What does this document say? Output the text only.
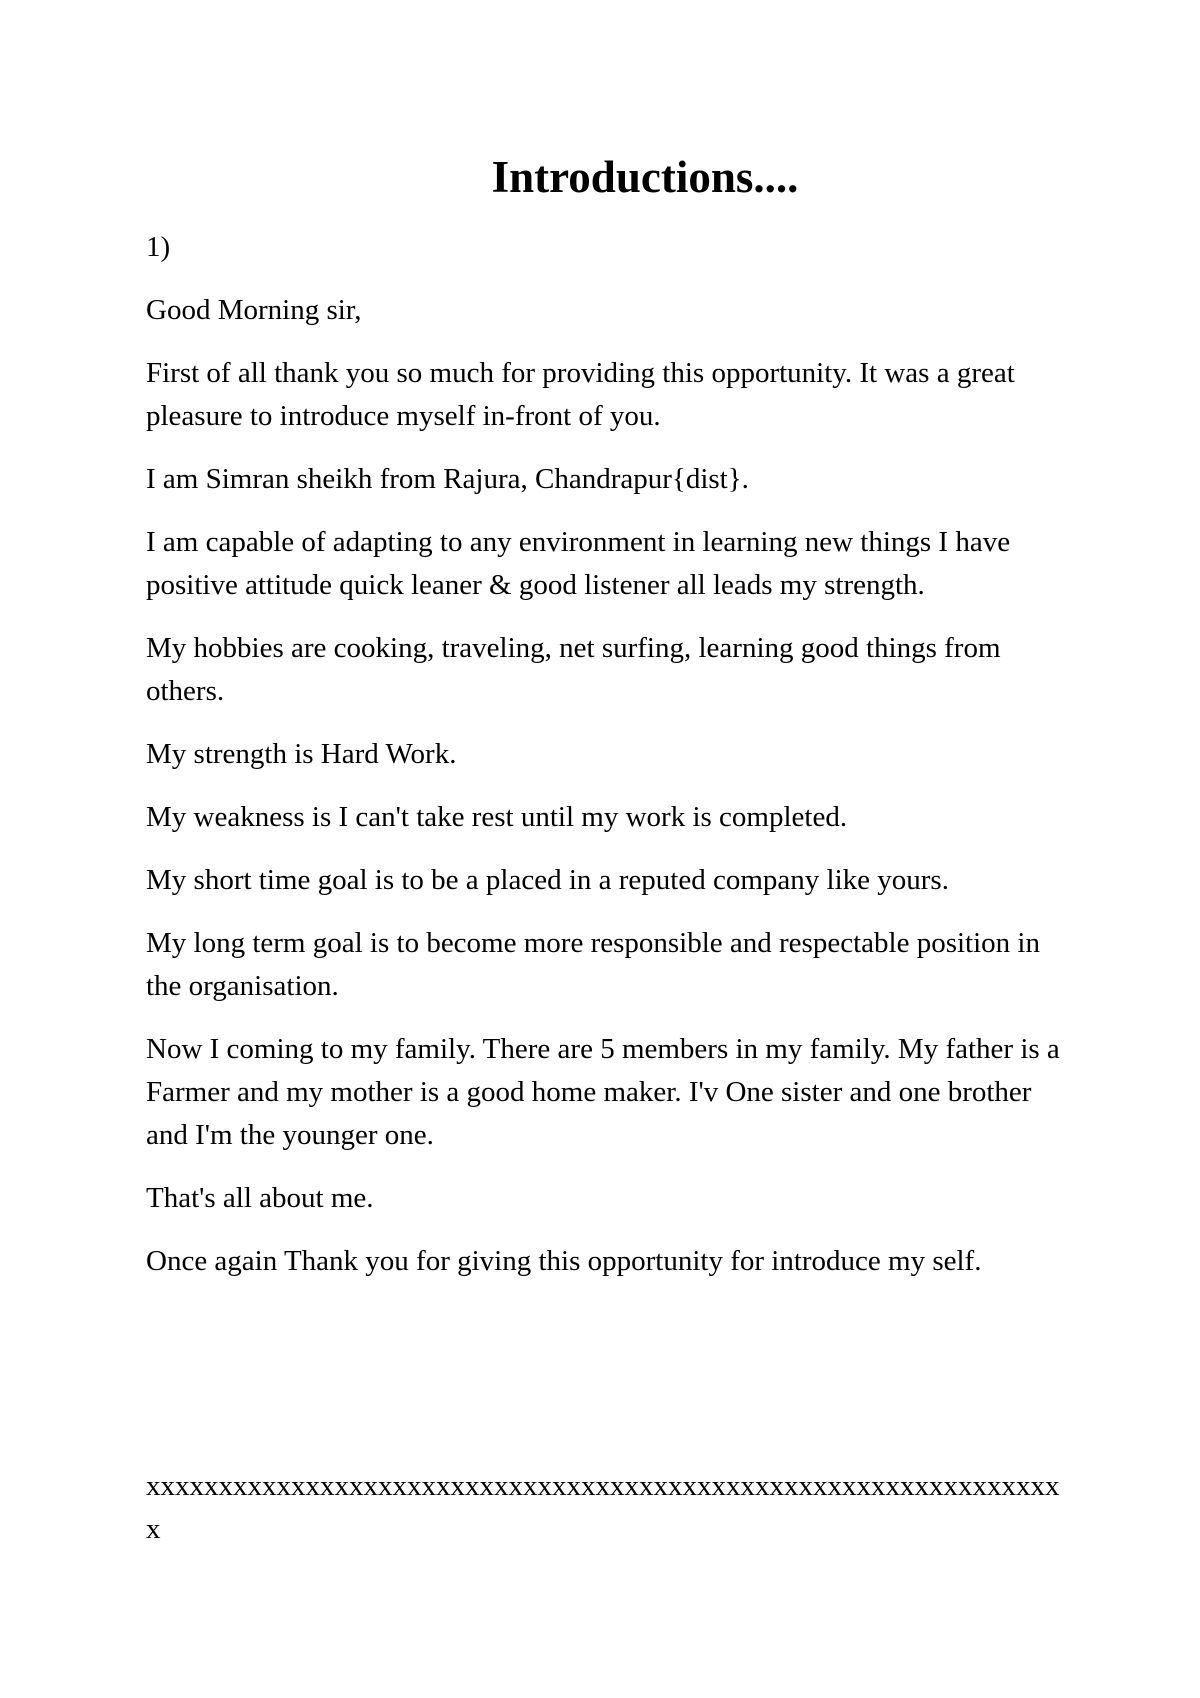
Introductions....

1)

Good Morning sir,

First of all thank you so much for providing this opportunity. It was a great pleasure to introduce myself in-front of you.

I am Simran sheikh from Rajura, Chandrapur{dist}.

I am capable of adapting to any environment in learning new things I have positive attitude quick leaner & good listener all leads my strength.

My hobbies are cooking, traveling, net surfing, learning good things from others.

My strength is Hard Work.

My weakness is I can't take rest until my work is completed.

My short time goal is to be a placed in a reputed company like yours.

My long term goal is to become more responsible and respectable position in the organisation.

Now I coming to my family. There are 5 members in my family. My father is a Farmer and my mother is a good home maker. I'v One sister and one brother and I'm the younger one.

That's all about me.

Once again Thank you for giving this opportunity for introduce my self.

xxxxxxxxxxxxxxxxxxxxxxxxxxxxxxxxxxxxxxxxxxxxxxxxxxxxxxxxxxxxxxxx
